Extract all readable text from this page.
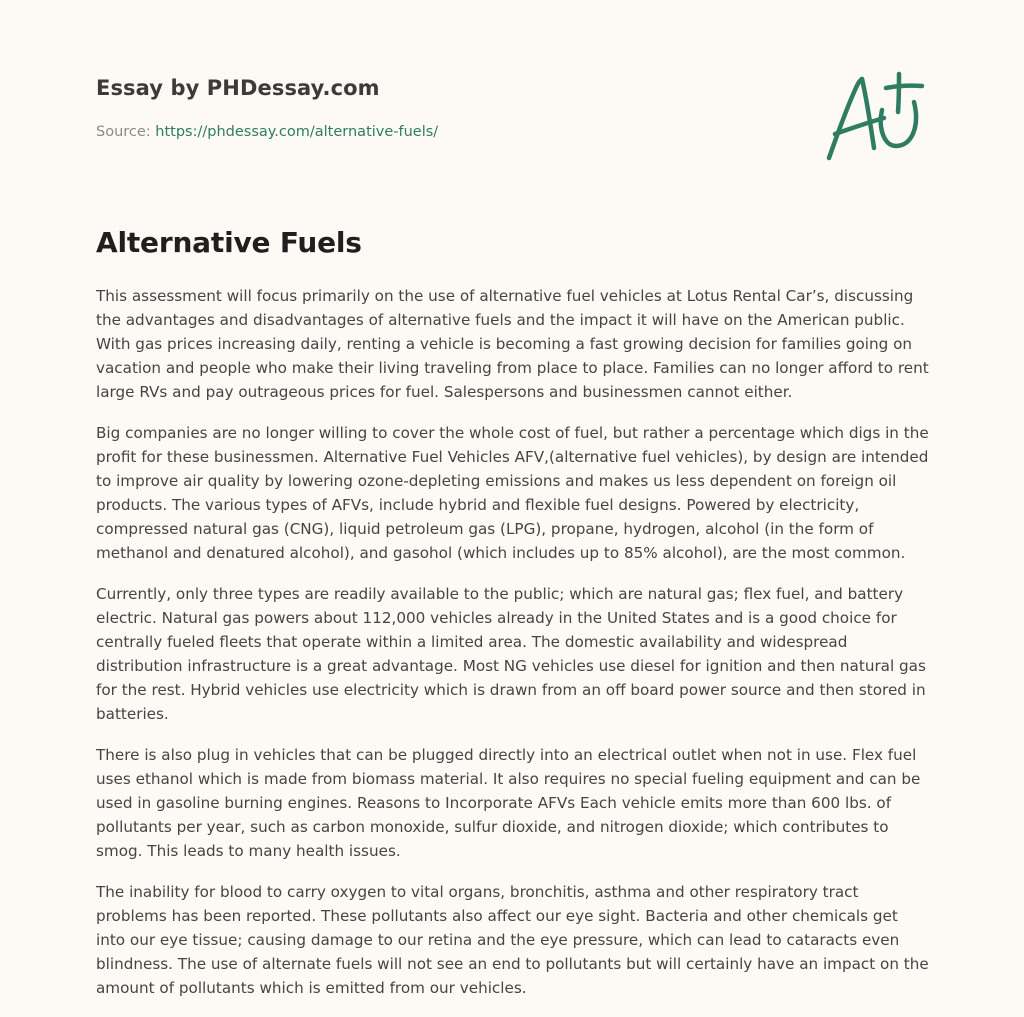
Essay by PHDessay.com
Source: https://phdessay.com/alternative-fuels/
Alternative Fuels

This assessment will focus primarily on the use of alternative fuel vehicles at Lotus Rental Car’s, discussing the advantages and disadvantages of alternative fuels and the impact it will have on the American public. With gas prices increasing daily, renting a vehicle is becoming a fast growing decision for families going on vacation and people who make their living traveling from place to place. Families can no longer afford to rent large RVs and pay outrageous prices for fuel. Salespersons and businessmen cannot either.

Big companies are no longer willing to cover the whole cost of fuel, but rather a percentage which digs in the profit for these businessmen. Alternative Fuel Vehicles AFV,(alternative fuel vehicles), by design are intended to improve air quality by lowering ozone-depleting emissions and makes us less dependent on foreign oil products. The various types of AFVs, include hybrid and flexible fuel designs. Powered by electricity, compressed natural gas (CNG), liquid petroleum gas (LPG), propane, hydrogen, alcohol (in the form of methanol and denatured alcohol), and gasohol (which includes up to 85% alcohol), are the most common.

Currently, only three types are readily available to the public; which are natural gas; flex fuel, and battery electric. Natural gas powers about 112,000 vehicles already in the United States and is a good choice for centrally fueled fleets that operate within a limited area. The domestic availability and widespread distribution infrastructure is a great advantage. Most NG vehicles use diesel for ignition and then natural gas for the rest. Hybrid vehicles use electricity which is drawn from an off board power source and then stored in batteries.

There is also plug in vehicles that can be plugged directly into an electrical outlet when not in use. Flex fuel uses ethanol which is made from biomass material. It also requires no special fueling equipment and can be used in gasoline burning engines. Reasons to Incorporate AFVs Each vehicle emits more than 600 lbs. of pollutants per year, such as carbon monoxide, sulfur dioxide, and nitrogen dioxide; which contributes to smog. This leads to many health issues.

The inability for blood to carry oxygen to vital organs, bronchitis, asthma and other respiratory tract problems has been reported. These pollutants also affect our eye sight. Bacteria and other chemicals get into our eye tissue; causing damage to our retina and the eye pressure, which can lead to cataracts even blindness. The use of alternate fuels will not see an end to pollutants but will certainly have an impact on the amount of pollutants which is emitted from our vehicles.
